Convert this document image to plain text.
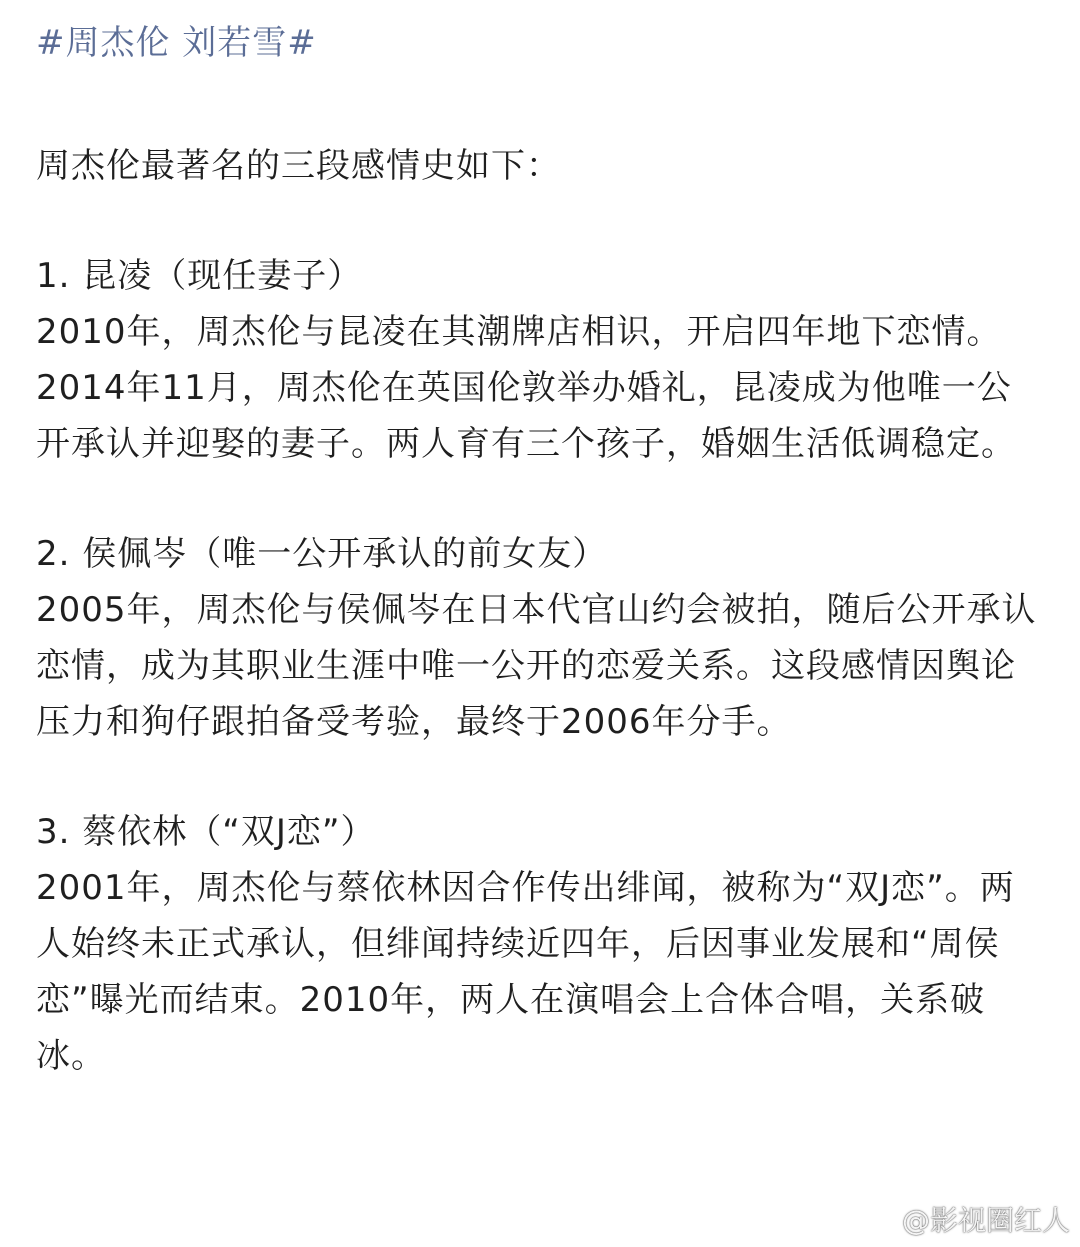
#周杰伦 刘若雪#
周杰伦最著名的三段感情史如下：
1. 昆凌（现任妻子）
2010年，周杰伦与昆凌在其潮牌店相识，开启四年地下恋情。2014年11月，周杰伦在英国伦敦举办婚礼，昆凌成为他唯一公开承认并迎娶的妻子。两人育有三个孩子，婚姻生活低调稳定。
2. 侯佩岑（唯一公开承认的前女友）
2005年，周杰伦与侯佩岑在日本代官山约会被拍，随后公开承认恋情，成为其职业生涯中唯一公开的恋爱关系。这段感情因舆论压力和狗仔跟拍备受考验，最终于2006年分手。
3. 蔡依林（“双J恋”）
2001年，周杰伦与蔡依林因合作传出绯闻，被称为“双J恋”。两人始终未正式承认，但绯闻持续近四年，后因事业发展和“周侯恋”曝光而结束。2010年，两人在演唱会上合体合唱，关系破冰。
@影视圈红人
